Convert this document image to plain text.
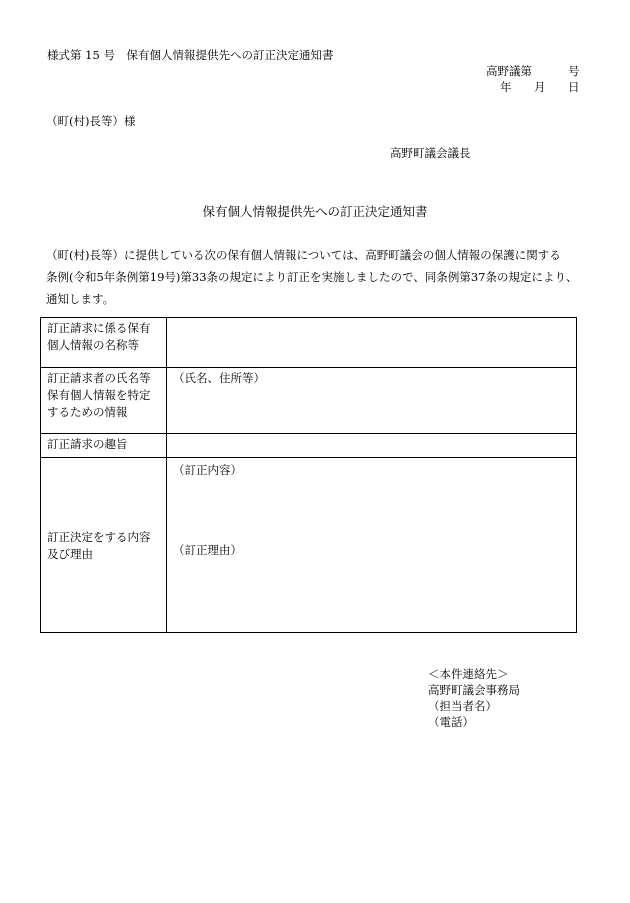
様式第 15 号　保有個人情報提供先への訂正決定通知書
高野議第	号
年 月 日
（町(村)長等）様
高野町議会議長
保有個人情報提供先への訂正決定通知書
（町(村)長等）に提供している次の保有個人情報については、高野町議会の個人情報の保護に関する
条例(令和5年条例第19号)第33条の規定により訂正を実施しましたので、同条例第37条の規定により、
通知します。
訂正請求に係る保有個人情報の名称等	
訂正請求者の氏名等保有個人情報を特定するための情報	（氏名、住所等）
訂正請求の趣旨	
訂正決定をする内容及び理由	（訂正内容）
（訂正理由）
＜本件連絡先＞
高野町議会事務局
（担当者名）
（電話）
